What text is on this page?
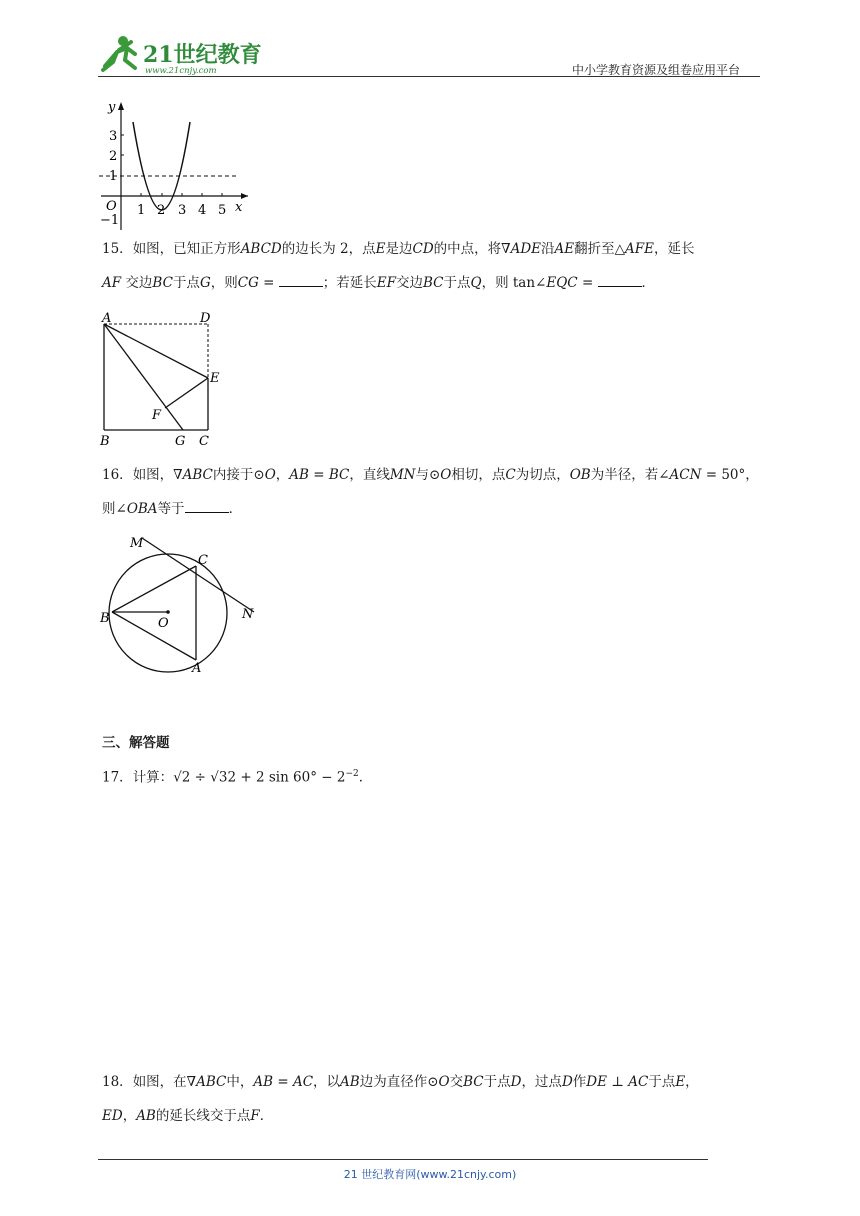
21世纪教育
www.21cnjy.com	中小学教育资源及组卷应用平台
y
x
O
3
2
1
−1
1 2 3 4 5
15．如图，已知正方形ABCD的边长为 2，点E是边CD的中点，将∇ADE沿AE翻折至△AFE，延长
AF 交边BC于点G，则CG =	；若延长EF交边BC于点Q，则 tan∠EQC =	．
A	D
E
F
B	G C
16．如图，∇ABC内接于⊙O，AB = BC，直线MN与⊙O相切，点C为切点，OB为半径，若∠ACN = 50°，
则∠OBA等于	．
M
C
B	O
N
A
三、解答题
17．计算：√2 ÷ √32 + 2 $\sin 60^\circ - 2^{-2}$．
18．如图，在∇ABC中，AB = AC，以AB边为直径作⊙O交BC于点D，过点D作DE ⊥ AC于点E，
ED，AB的延长线交于点F．
21 世纪教育网(www.21cnjy.com)
